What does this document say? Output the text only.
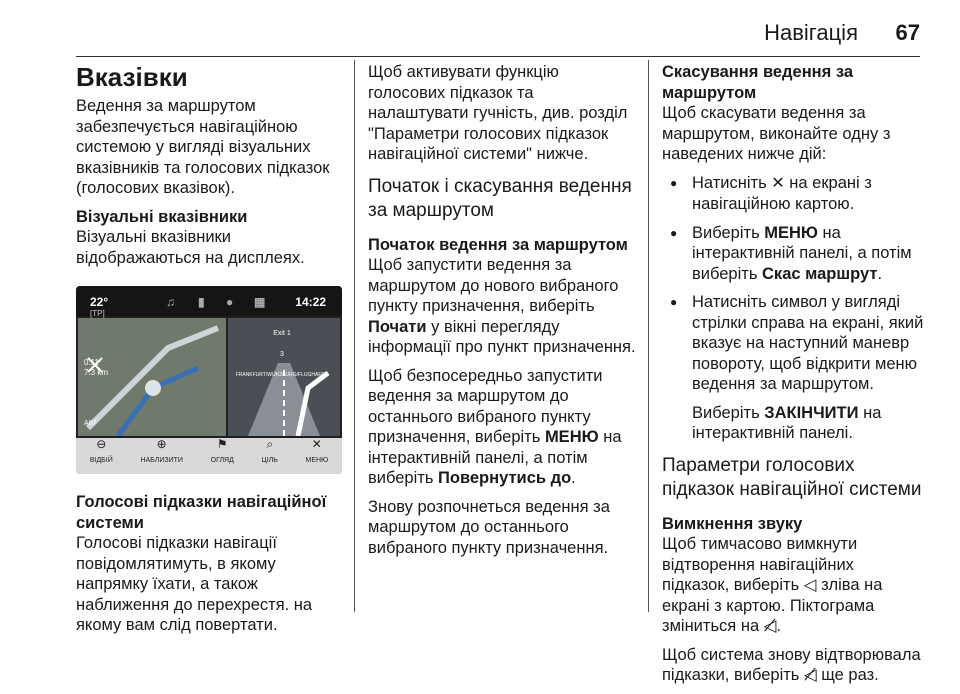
Навігація 67
Вказівки

Ведення за маршрутом забезпечується навігаційною системою у вигляді візуальних вказівників та голосових підказок (голосових вказівок).

Візуальні вказівники

Візуальні вказівники відображаються на дисплеях.

22°
[TP]
♫ ▮ ● ▦ 14:22
0.11
7.3 km
A67
Exit 1
3
FRANKFURT/WÜRZBURG/FLUGHAFEN
⊖
ВІДБІЙ
⊕
НАБЛИЗИТИ
⚑
ОГЛЯД
⌕
ЦІЛЬ
✕
МЕНЮ
Голосові підказки навігаційної системи

Голосові підказки навігації повідомлятимуть, в якому напрямку їхати, а також наближення до перехрестя. на якому вам слід повертати.

Щоб активувати функцію голосових підказок та налаштувати гучність, див. розділ "Параметри голосових підказок навігаційної системи" нижче.

Початок і скасування ведення за маршрутом
Початок ведення за маршрутом

Щоб запустити ведення за маршрутом до нового вибраного пункту призначення, виберіть Почати у вікні перегляду інформації про пункт призначення.

Щоб безпосередньо запустити ведення за маршрутом до останнього вибраного пункту призначення, виберіть МЕНЮ на інтерактивній панелі, а потім виберіть Повернутись до.

Знову розпочнеться ведення за маршрутом до останнього вибраного пункту призначення.

Скасування ведення за маршрутом

Щоб скасувати ведення за маршрутом, виконайте одну з наведених нижче дій:

● Натисніть ✕ на екрані з навігаційною картою.
● Виберіть МЕНЮ на інтерактивній панелі, а потім виберіть Скас маршрут.
● Натисніть символ у вигляді стрілки справа на екрані, який вказує на наступний маневр повороту, щоб відкрити меню ведення за маршрутом.
Виберіть ЗАКІНЧИТИ на інтерактивній панелі.
Параметри голосових підказок навігаційної системи
Вимкнення звуку

Щоб тимчасово вимкнути відтворення навігаційних підказок, виберіть ◁ зліва на екрані з картою. Піктограма зміниться на ◁̸.

Щоб система знову відтворювала підказки, виберіть ◁̸ ще раз.
